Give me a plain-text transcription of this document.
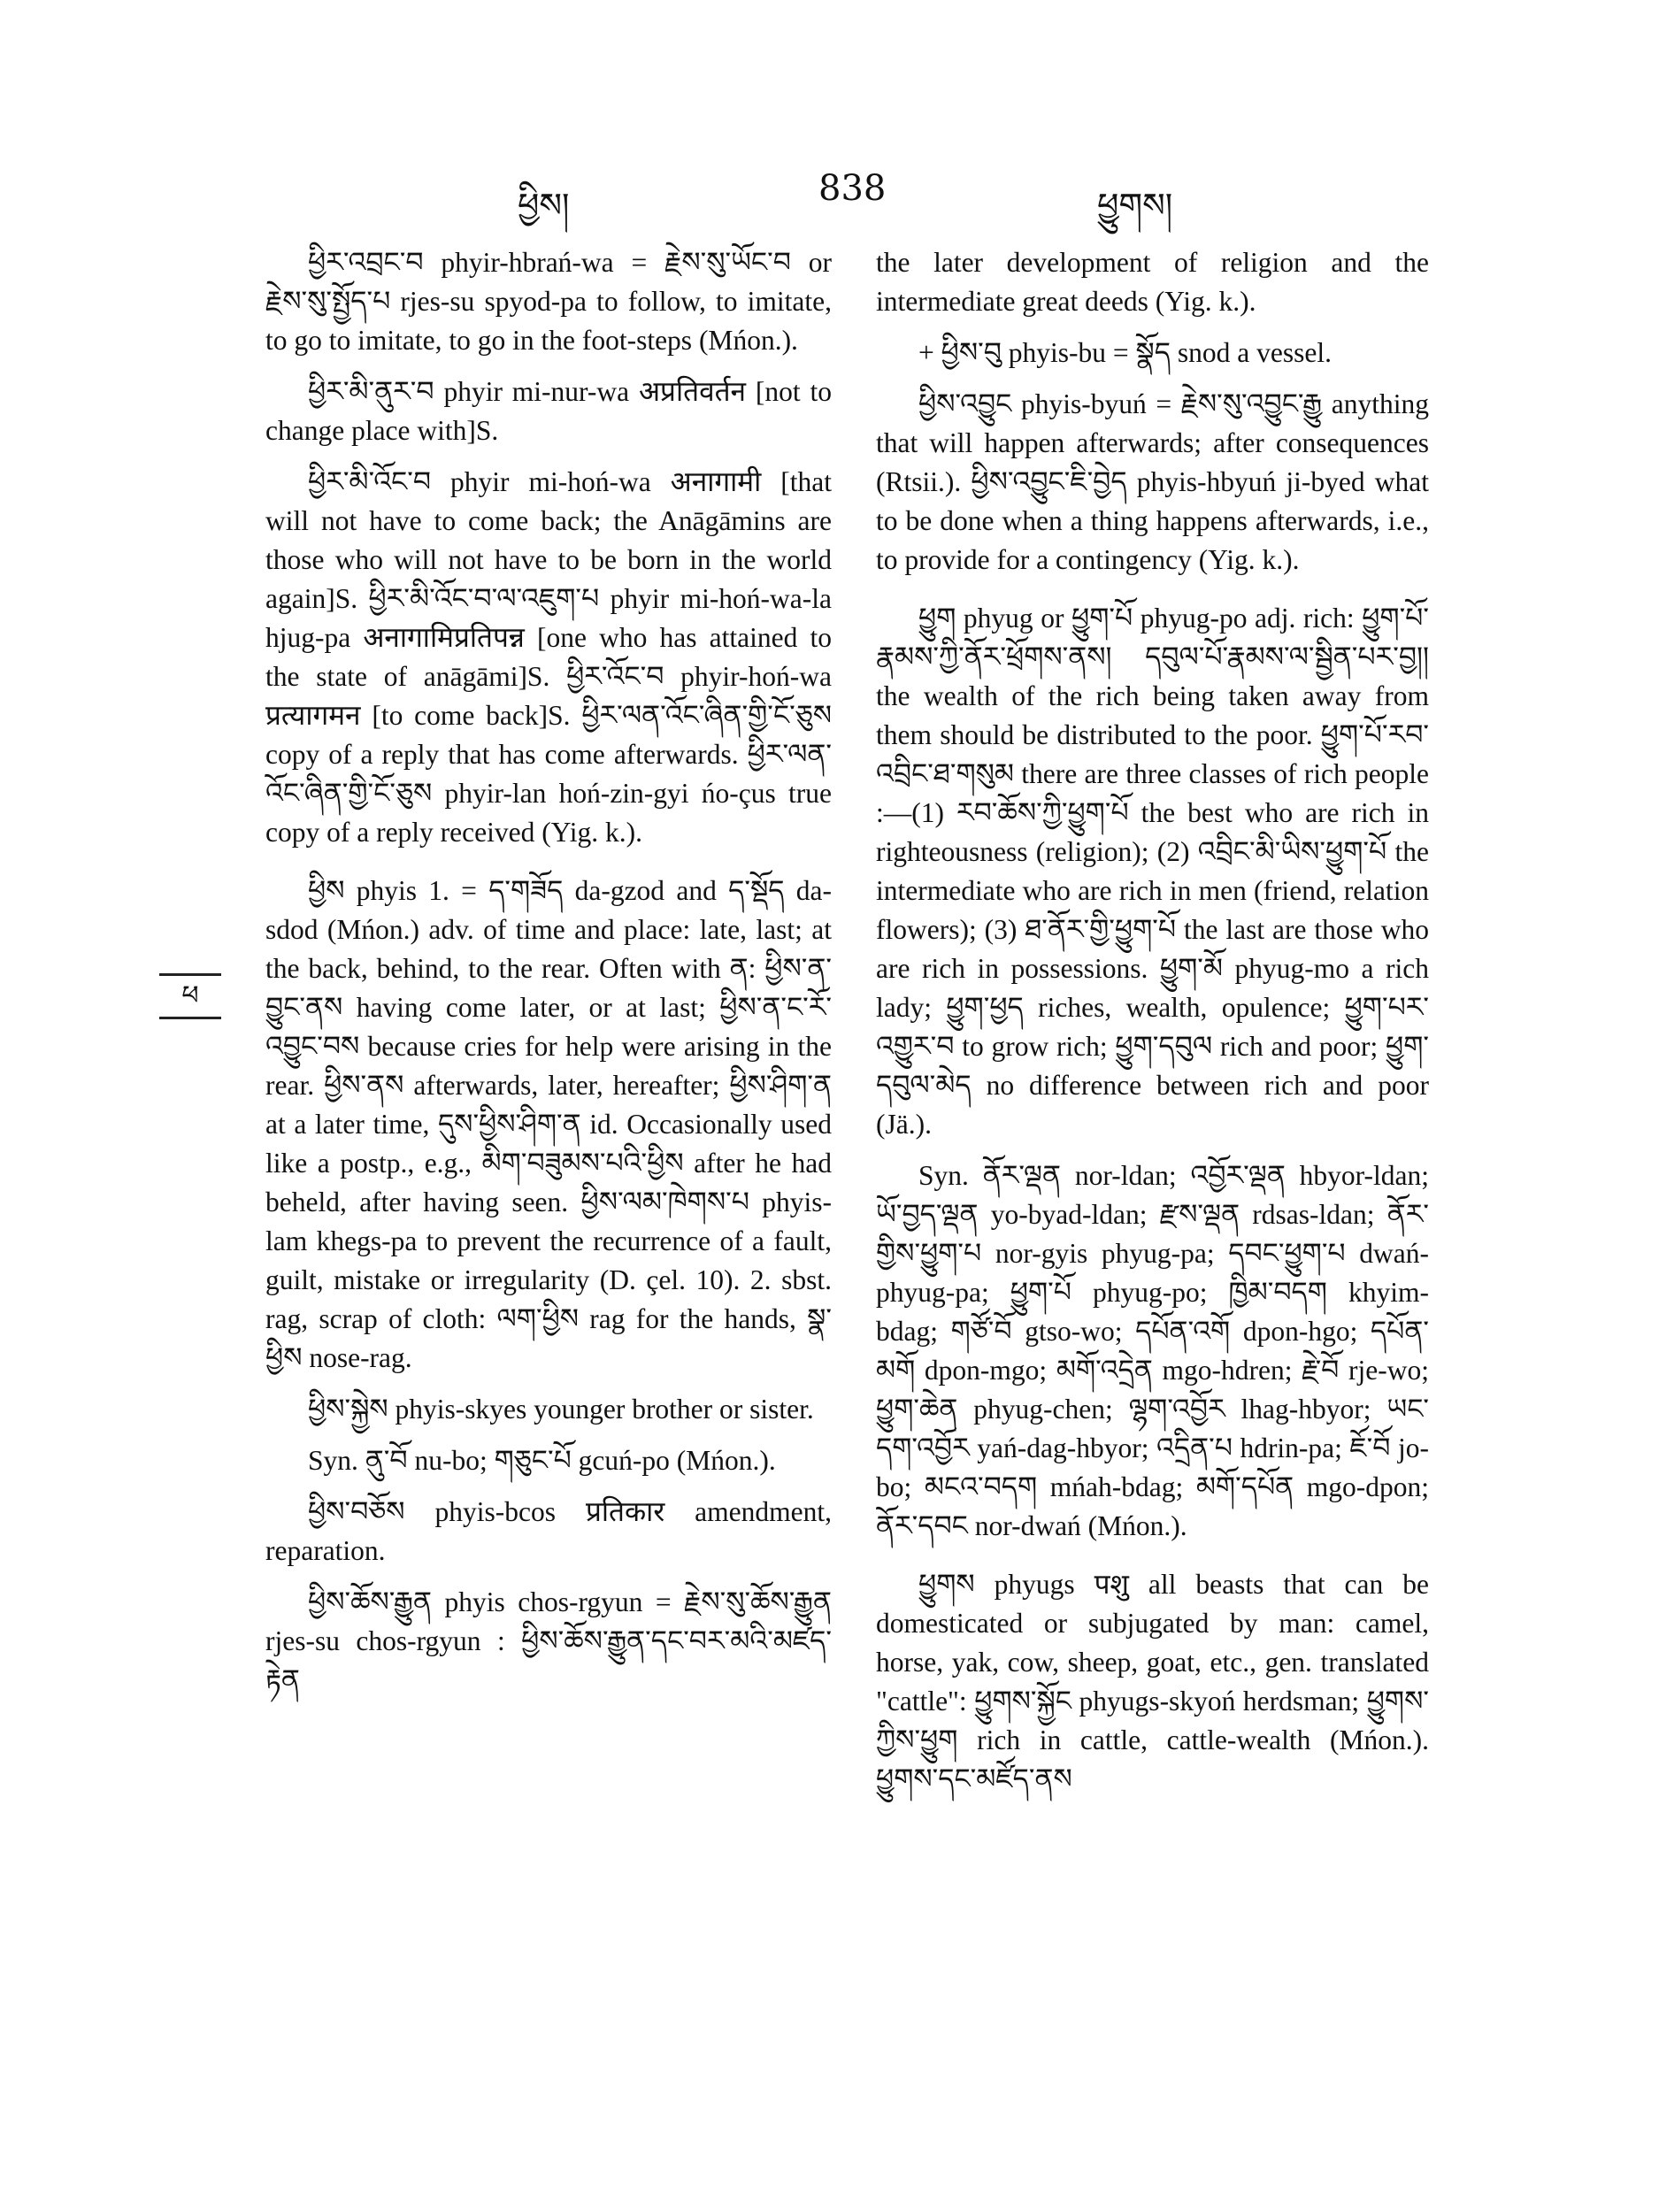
ཕྱིས།	838	ཕྱུགས།
ཕ

ཕྱིར་འབྲང་བ phyir-hbrań-wa = རྗེས་སུ་ཡོང་བ or རྗེས་སུ་སྤྱོད་པ rjes-su spyod-pa to follow, to imitate, to go to imitate, to go in the foot-steps (Mńon.).

ཕྱིར་མི་ནུར་བ phyir mi-nur-wa अप्रतिवर्तन [not to change place with]S.

ཕྱིར་མི་འོང་བ phyir mi-hoń-wa अनागामी [that will not have to come back; the Anāgāmins are those who will not have to be born in the world again]S. ཕྱིར་མི་འོང་བ་ལ་འཇུག་པ phyir mi-hoń-wa-la hjug-pa अनागामिप्रतिपन्न [one who has attained to the state of anāgāmi]S. ཕྱིར་འོང་བ phyir-hoń-wa प्रत्यागमन [to come back]S. ཕྱིར་ལན་འོང་ཞིན་གྱི་ངོ་ཅུས copy of a reply that has come afterwards. ཕྱིར་ལན་འོང་ཞིན་གྱི་ངོ་ཅུས phyir-lan hoń-zin-gyi ńo-çus true copy of a reply received (Yig. k.).

ཕྱིས phyis 1. = ད་གཟོད da-gzod and ད་སྡོད da-sdod (Mńon.) adv. of time and place: late, last; at the back, behind, to the rear. Often with ན: ཕྱིས་ན་བྱུང་ནས having come later, or at last; ཕྱིས་ན་ང་རོ་འབྱུང་བས because cries for help were arising in the rear. ཕྱིས་ནས afterwards, later, hereafter; ཕྱིས་ཤིག་ན at a later time, དུས་ཕྱིས་ཤིག་ན id. Occasionally used like a postp., e.g., མིག་བཟུམས་པའི་ཕྱིས after he had beheld, after having seen. ཕྱིས་ལམ་ཁེགས་པ phyis-lam khegs-pa to prevent the recurrence of a fault, guilt, mistake or irregularity (D. çel. 10). 2. sbst. rag, scrap of cloth: ལག་ཕྱིས rag for the hands, སྣ་ཕྱིས nose-rag.

ཕྱིས་སྐྱེས phyis-skyes younger brother or sister.

Syn. ནུ་བོ nu-bo; གཅུང་པོ gcuń-po (Mńon.).

ཕྱིས་བཅོས phyis-bcos प्रतिकार amendment, reparation.

ཕྱིས་ཆོས་རྒྱུན phyis chos-rgyun = རྗེས་སུ་ཆོས་རྒྱུན rjes-su chos-rgyun : ཕྱིས་ཆོས་རྒྱུན་དང་བར་མའི་མཛད་རྟེན

the later development of religion and the intermediate great deeds (Yig. k.).

+ ཕྱིས་བུ phyis-bu = སྣོད snod a vessel.

ཕྱིས་འབྱུང phyis-byuń = རྗེས་སུ་འབྱུང་རྒྱུ anything that will happen afterwards; after consequences (Rtsii.). ཕྱིས་འབྱུང་ཇི་བྱེད phyis-hbyuń ji-byed what to be done when a thing happens afterwards, i.e., to provide for a contingency (Yig. k.).

ཕྱུག phyug or ཕྱུག་པོ phyug-po adj. rich: ཕྱུག་པོ་རྣམས་ཀྱི་ནོར་ཕྲོགས་ནས། དབུལ་པོ་རྣམས་ལ་སྦྱིན་པར་བྱ།། the wealth of the rich being taken away from them should be distributed to the poor. ཕྱུག་པོ་རབ་འབྲིང་ཐ་གསུམ there are three classes of rich people :—(1) རབ་ཆོས་ཀྱི་ཕྱུག་པོ the best who are rich in righteousness (religion); (2) འབྲིང་མི་ཡིས་ཕྱུག་པོ the intermediate who are rich in men (friend, relation flowers); (3) ཐ་ནོར་གྱི་ཕྱུག་པོ the last are those who are rich in possessions. ཕྱུག་མོ phyug-mo a rich lady; ཕྱུག་ཕྱད riches, wealth, opulence; ཕྱུག་པར་འགྱུར་བ to grow rich; ཕྱུག་དབུལ rich and poor; ཕྱུག་དབུལ་མེད no difference between rich and poor (Jä.).

Syn. ནོར་ལྡན nor-ldan; འབྱོར་ལྡན hbyor-ldan; ཡོ་བྱད་ལྡན yo-byad-ldan; རྫས་ལྡན rdsas-ldan; ནོར་གྱིས་ཕྱུག་པ nor-gyis phyug-pa; དབང་ཕྱུག་པ dwań-phyug-pa; ཕྱུག་པོ phyug-po; ཁྱིམ་བདག khyim-bdag; གཙོ་བོ gtso-wo; དཔོན་འགོ dpon-hgo; དཔོན་མགོ dpon-mgo; མགོ་འདྲེན mgo-hdren; རྗེ་བོ rje-wo; ཕྱུག་ཆེན phyug-chen; ལྷག་འབྱོར lhag-hbyor; ཡང་དག་འབྱོར yań-dag-hbyor; འདྲིན་པ hdrin-pa; ཇོ་བོ jo-bo; མངའ་བདག mńah-bdag; མགོ་དཔོན mgo-dpon; ནོར་དབང nor-dwań (Mńon.).

ཕྱུགས phyugs पशु all beasts that can be domesticated or subjugated by man: camel, horse, yak, cow, sheep, goat, etc., gen. translated "cattle": ཕྱུགས་སྐྱོང phyugs-skyoń herdsman; ཕྱུགས་ཀྱིས་ཕྱུག rich in cattle, cattle-wealth (Mńon.). ཕྱུགས་དང་མཛོད་ནས
